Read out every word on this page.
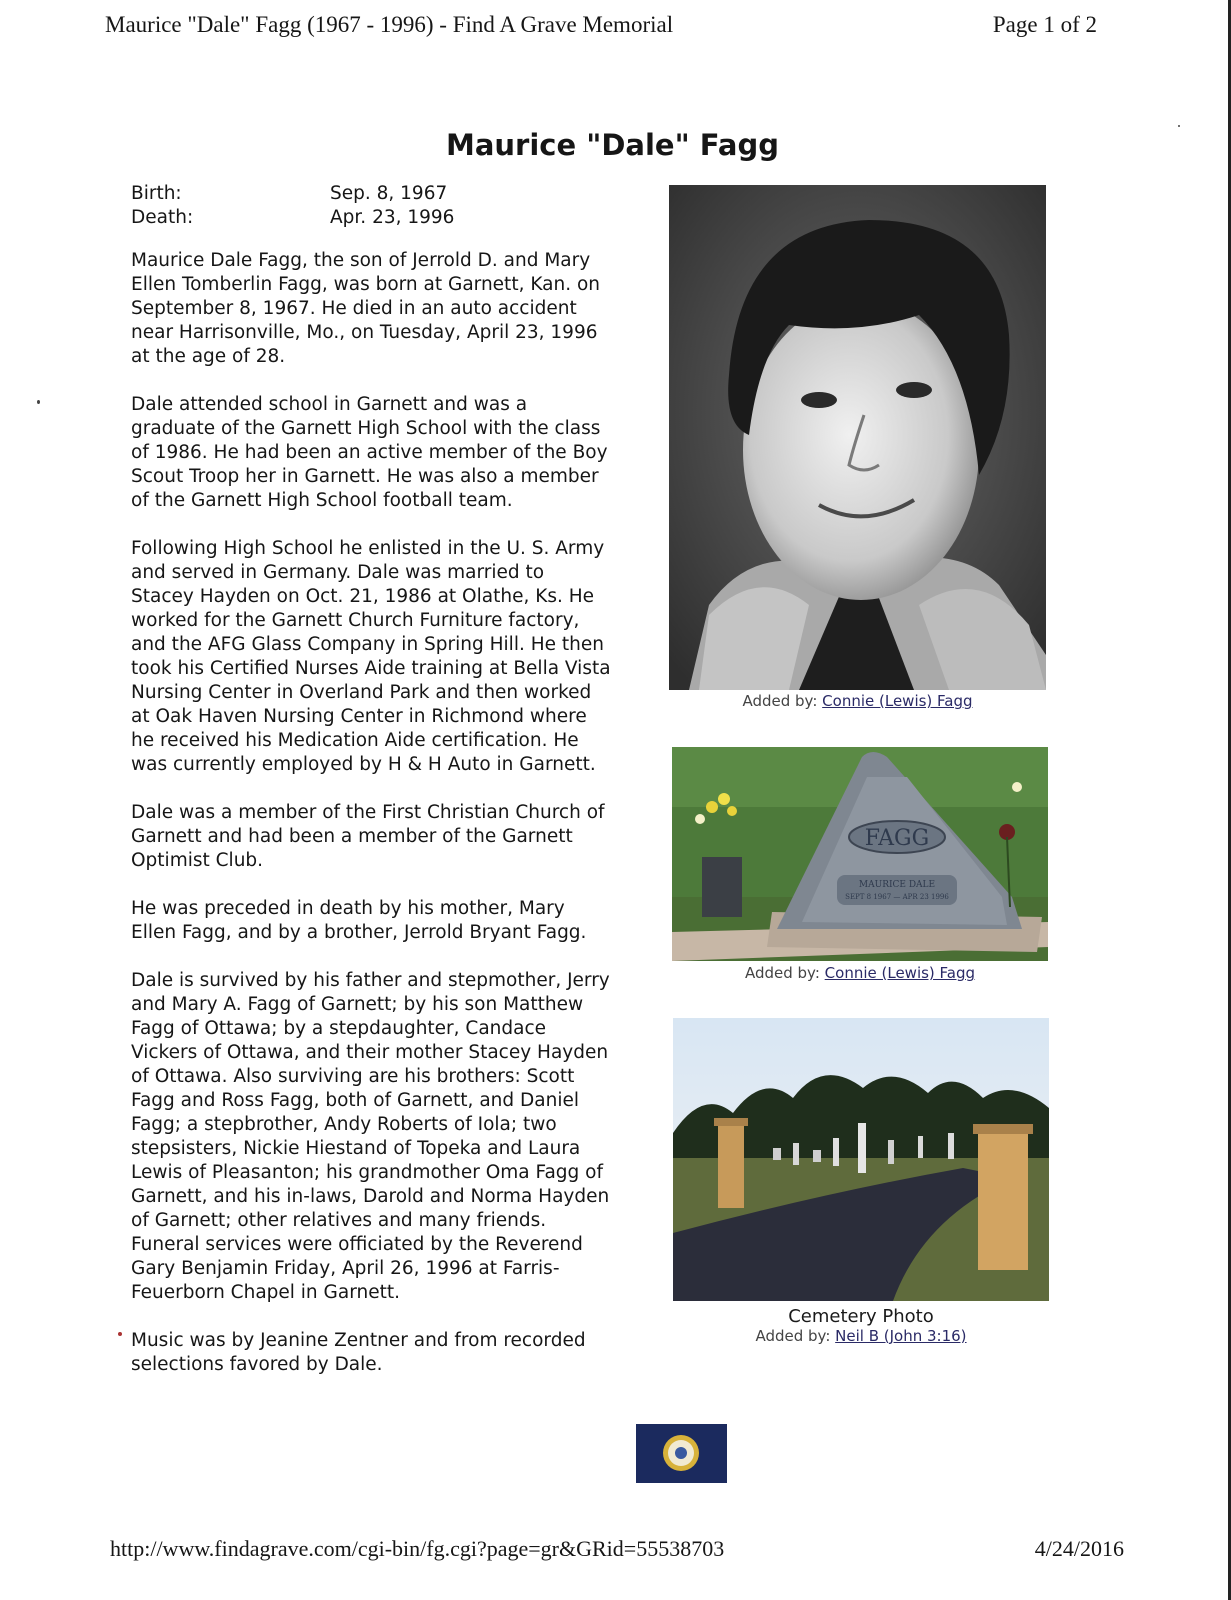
Maurice "Dale" Fagg (1967 - 1996) - Find A Grave Memorial	Page 1 of 2
Maurice "Dale" Fagg
Birth:	Sep. 8, 1967
Death:	Apr. 23, 1996

Maurice Dale Fagg, the son of Jerrold D. and Mary Ellen Tomberlin Fagg, was born at Garnett, Kan. on September 8, 1967. He died in an auto accident near Harrisonville, Mo., on Tuesday, April 23, 1996 at the age of 28.

Dale attended school in Garnett and was a graduate of the Garnett High School with the class of 1986. He had been an active member of the Boy Scout Troop her in Garnett. He was also a member of the Garnett High School football team.

Following High School he enlisted in the U. S. Army and served in Germany. Dale was married to Stacey Hayden on Oct. 21, 1986 at Olathe, Ks. He worked for the Garnett Church Furniture factory, and the AFG Glass Company in Spring Hill. He then took his Certified Nurses Aide training at Bella Vista Nursing Center in Overland Park and then worked at Oak Haven Nursing Center in Richmond where he received his Medication Aide certification. He was currently employed by H & H Auto in Garnett.

Dale was a member of the First Christian Church of Garnett and had been a member of the Garnett Optimist Club.

He was preceded in death by his mother, Mary Ellen Fagg, and by a brother, Jerrold Bryant Fagg.

Dale is survived by his father and stepmother, Jerry and Mary A. Fagg of Garnett; by his son Matthew Fagg of Ottawa; by a stepdaughter, Candace Vickers of Ottawa, and their mother Stacey Hayden of Ottawa. Also surviving are his brothers: Scott Fagg and Ross Fagg, both of Garnett, and Daniel Fagg; a stepbrother, Andy Roberts of Iola; two stepsisters, Nickie Hiestand of Topeka and Laura Lewis of Pleasanton; his grandmother Oma Fagg of Garnett, and his in-laws, Darold and Norma Hayden of Garnett; other relatives and many friends. Funeral services were officiated by the Reverend Gary Benjamin Friday, April 26, 1996 at Farris-Feuerborn Chapel in Garnett.

Music was by Jeanine Zentner and from recorded selections favored by Dale.

Added by: Connie (Lewis) Fagg
FAGG
MAURICE DALE
SEPT 8 1967 — APR 23 1996
Added by: Connie (Lewis) Fagg
Cemetery Photo
Added by: Neil B (John 3:16)
http://www.findagrave.com/cgi-bin/fg.cgi?page=gr&GRid=55538703	4/24/2016
